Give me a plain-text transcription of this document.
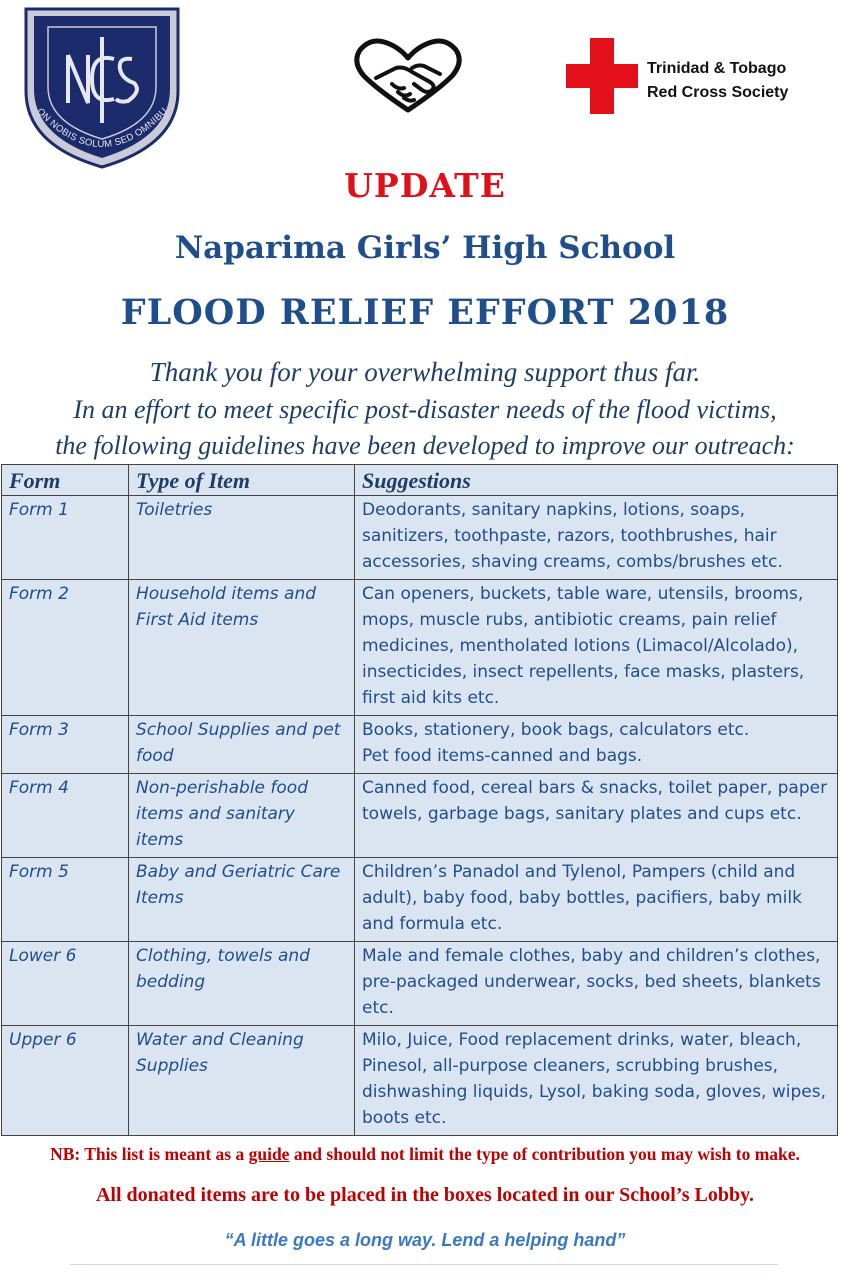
ON NOBIS SOLUM SED OMNIBU
Trinidad & Tobago
Red Cross Society
UPDATE
Naparima Girls’ High School
FLOOD RELIEF EFFORT 2018
Thank you for your overwhelming support thus far.
In an effort to meet specific post-disaster needs of the flood victims,
the following guidelines have been developed to improve our outreach:
Form	Type of Item	Suggestions
Form 1	Toiletries	Deodorants, sanitary napkins, lotions, soaps, sanitizers, toothpaste, razors, toothbrushes, hair accessories, shaving creams, combs/brushes etc.
Form 2	Household items and First Aid items	Can openers, buckets, table ware, utensils, brooms, mops, muscle rubs, antibiotic creams, pain relief medicines, mentholated lotions (Limacol/Alcolado), insecticides, insect repellents, face masks, plasters, first aid kits etc.
Form 3	School Supplies and pet food	Books, stationery, book bags, calculators etc.
Pet food items-canned and bags.

Form 4	Non-perishable food items and sanitary items	Canned food, cereal bars & snacks, toilet paper, paper towels, garbage bags, sanitary plates and cups etc.
Form 5	Baby and Geriatric Care Items	Children’s Panadol and Tylenol, Pampers (child and adult), baby food, baby bottles, pacifiers, baby milk and formula etc.
Lower 6	Clothing, towels and bedding	Male and female clothes, baby and children’s clothes, pre-packaged underwear, socks, bed sheets, blankets etc.
Upper 6	Water and Cleaning Supplies	Milo, Juice, Food replacement drinks, water, bleach, Pinesol, all-purpose cleaners, scrubbing brushes, dishwashing liquids, Lysol, baking soda, gloves, wipes, boots etc.
NB: This list is meant as a guide and should not limit the type of contribution you may wish to make.
All donated items are to be placed in the boxes located in our School’s Lobby.
“A little goes a long way. Lend a helping hand”
